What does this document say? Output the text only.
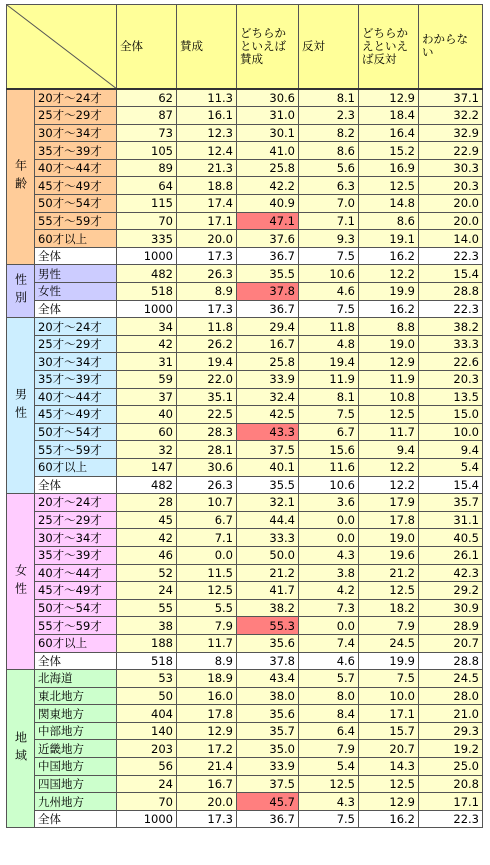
	全体	賛成	どちらかといえば賛成	反対	どちらかえといえば反対	わからない
年齢	20才～24才	62	11.3	30.6	8.1	12.9	37.1
	25才～29才	87	16.1	31.0	2.3	18.4	32.2
	30才～34才	73	12.3	30.1	8.2	16.4	32.9
	35才～39才	105	12.4	41.0	8.6	15.2	22.9
	40才～44才	89	21.3	25.8	5.6	16.9	30.3
	45才～49才	64	18.8	42.2	6.3	12.5	20.3
	50才～54才	115	17.4	40.9	7.0	14.8	20.0
	55才～59才	70	17.1	47.1	7.1	8.6	20.0
	60才以上	335	20.0	37.6	9.3	19.1	14.0
	全体	1000	17.3	36.7	7.5	16.2	22.3
性別	男性	482	26.3	35.5	10.6	12.2	15.4
	女性	518	8.9	37.8	4.6	19.9	28.8
	全体	1000	17.3	36.7	7.5	16.2	22.3
男性	20才～24才	34	11.8	29.4	11.8	8.8	38.2
	25才～29才	42	26.2	16.7	4.8	19.0	33.3
	30才～34才	31	19.4	25.8	19.4	12.9	22.6
	35才～39才	59	22.0	33.9	11.9	11.9	20.3
	40才～44才	37	35.1	32.4	8.1	10.8	13.5
	45才～49才	40	22.5	42.5	7.5	12.5	15.0
	50才～54才	60	28.3	43.3	6.7	11.7	10.0
	55才～59才	32	28.1	37.5	15.6	9.4	9.4
	60才以上	147	30.6	40.1	11.6	12.2	5.4
	全体	482	26.3	35.5	10.6	12.2	15.4
女性	20才～24才	28	10.7	32.1	3.6	17.9	35.7
	25才～29才	45	6.7	44.4	0.0	17.8	31.1
	30才～34才	42	7.1	33.3	0.0	19.0	40.5
	35才～39才	46	0.0	50.0	4.3	19.6	26.1
	40才～44才	52	11.5	21.2	3.8	21.2	42.3
	45才～49才	24	12.5	41.7	4.2	12.5	29.2
	50才～54才	55	5.5	38.2	7.3	18.2	30.9
	55才～59才	38	7.9	55.3	0.0	7.9	28.9
	60才以上	188	11.7	35.6	7.4	24.5	20.7
	全体	518	8.9	37.8	4.6	19.9	28.8
地域	北海道	53	18.9	43.4	5.7	7.5	24.5
	東北地方	50	16.0	38.0	8.0	10.0	28.0
	関東地方	404	17.8	35.6	8.4	17.1	21.0
	中部地方	140	12.9	35.7	6.4	15.7	29.3
	近畿地方	203	17.2	35.0	7.9	20.7	19.2
	中国地方	56	21.4	33.9	5.4	14.3	25.0
	四国地方	24	16.7	37.5	12.5	12.5	20.8
	九州地方	70	20.0	45.7	4.3	12.9	17.1
	全体	1000	17.3	36.7	7.5	16.2	22.3
